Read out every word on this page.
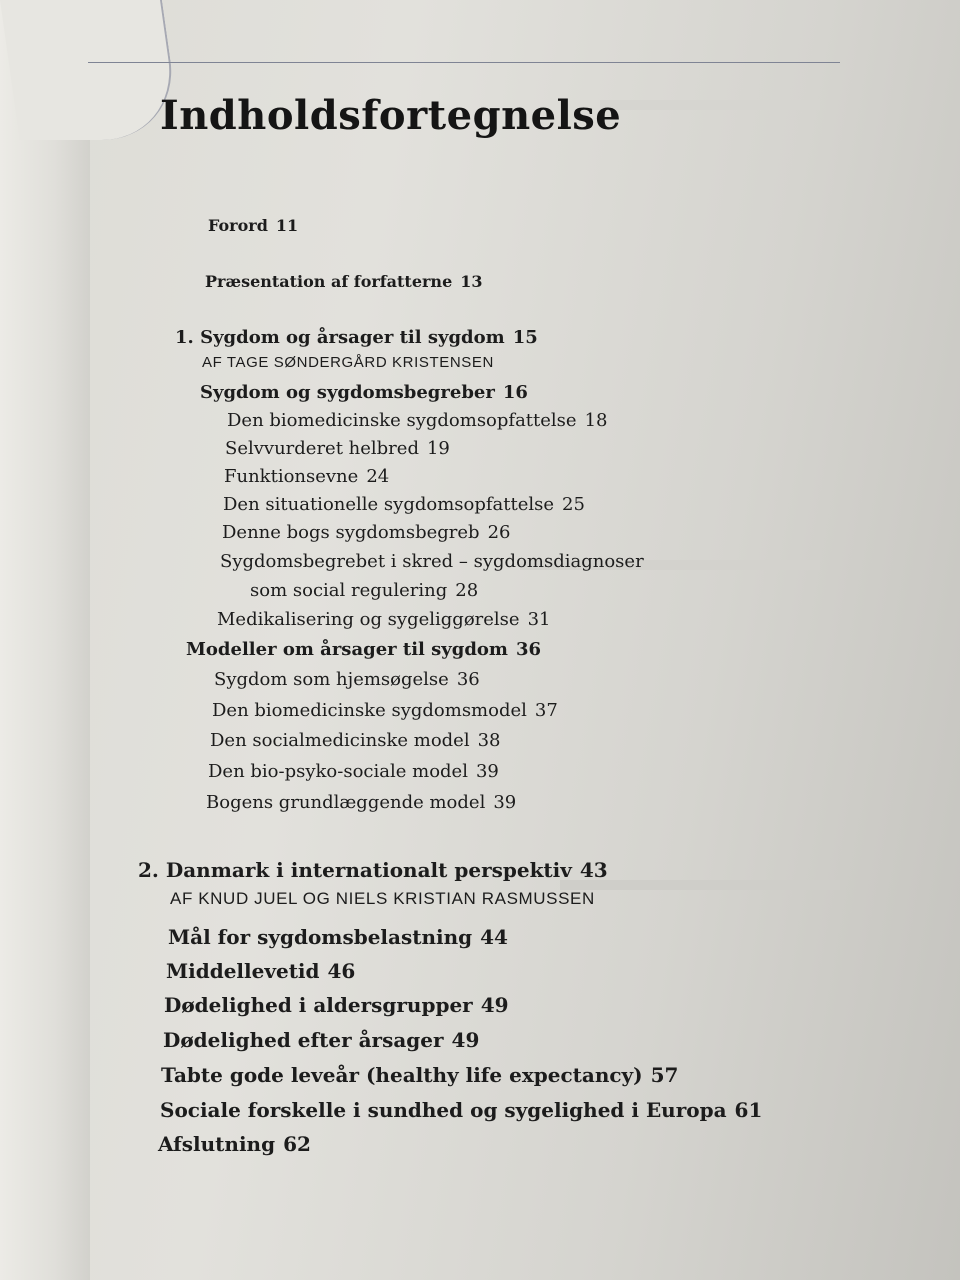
Indholdsfortegnelse
Forord 11
Præsentation af forfatterne 13
1. Sygdom og årsager til sygdom 15
AF TAGE SØNDERGÅRD KRISTENSEN
Sygdom og sygdomsbegreber 16
Den biomedicinske sygdomsopfattelse 18
Selvvurderet helbred 19
Funktionsevne 24
Den situationelle sygdomsopfattelse 25
Denne bogs sygdomsbegreb 26
Sygdomsbegrebet i skred – sygdomsdiagnoser
som social regulering 28
Medikalisering og sygeliggørelse 31
Modeller om årsager til sygdom 36
Sygdom som hjemsøgelse 36
Den biomedicinske sygdomsmodel 37
Den socialmedicinske model 38
Den bio-psyko-sociale model 39
Bogens grundlæggende model 39
2. Danmark i internationalt perspektiv 43
AF KNUD JUEL OG NIELS KRISTIAN RASMUSSEN
Mål for sygdomsbelastning 44
Middellevetid 46
Dødelighed i aldersgrupper 49
Dødelighed efter årsager 49
Tabte gode leveår (healthy life expectancy) 57
Sociale forskelle i sundhed og sygelighed i Europa 61
Afslutning 62
